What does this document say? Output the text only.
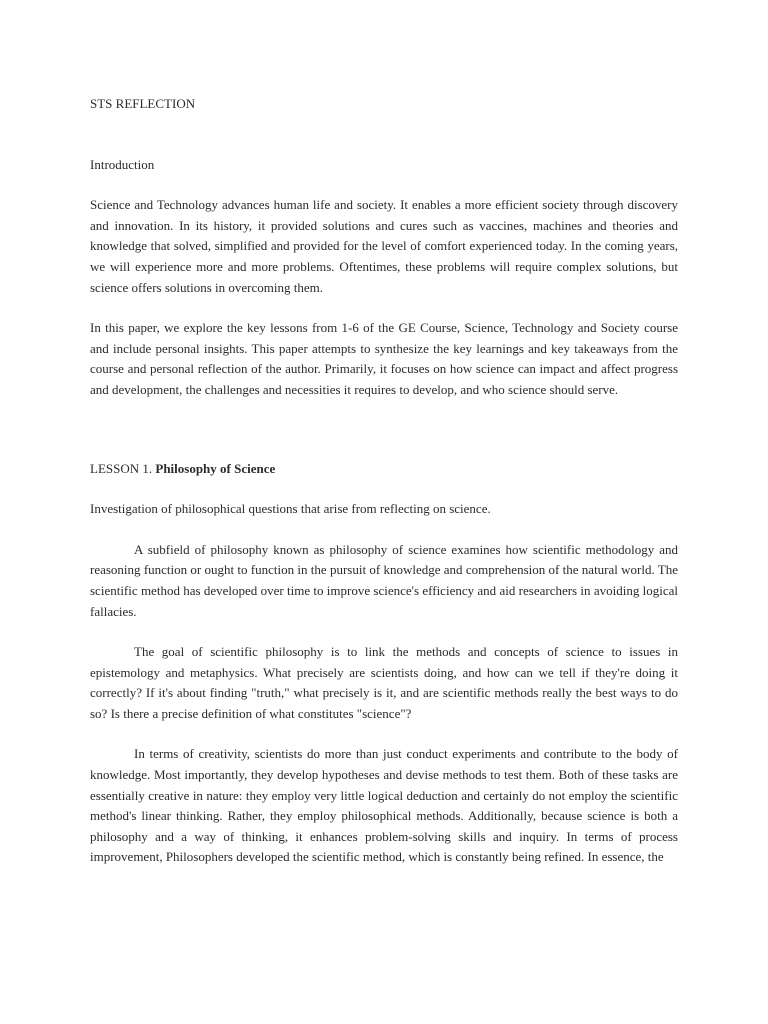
STS REFLECTION

Introduction

Science and Technology advances human life and society. It enables a more efficient society through discovery and innovation. In its history, it provided solutions and cures such as vaccines, machines and theories and knowledge that solved, simplified and provided for the level of comfort experienced today. In the coming years, we will experience more and more problems. Oftentimes, these problems will require complex solutions, but science offers solutions in overcoming them.

In this paper, we explore the key lessons from 1-6 of the GE Course, Science, Technology and Society course and include personal insights. This paper attempts to synthesize the key learnings and key takeaways from the course and personal reflection of the author. Primarily, it focuses on how science can impact and affect progress and development, the challenges and necessities it requires to develop, and who science should serve.

LESSON 1. Philosophy of Science

Investigation of philosophical questions that arise from reflecting on science.

A subfield of philosophy known as philosophy of science examines how scientific methodology and reasoning function or ought to function in the pursuit of knowledge and comprehension of the natural world. The scientific method has developed over time to improve science's efficiency and aid researchers in avoiding logical fallacies.

The goal of scientific philosophy is to link the methods and concepts of science to issues in epistemology and metaphysics. What precisely are scientists doing, and how can we tell if they're doing it correctly? If it's about finding "truth," what precisely is it, and are scientific methods really the best ways to do so? Is there a precise definition of what constitutes "science"?

In terms of creativity, scientists do more than just conduct experiments and contribute to the body of knowledge. Most importantly, they develop hypotheses and devise methods to test them. Both of these tasks are essentially creative in nature: they employ very little logical deduction and certainly do not employ the scientific method's linear thinking. Rather, they employ philosophical methods. Additionally, because science is both a philosophy and a way of thinking, it enhances problem-solving skills and inquiry. In terms of process improvement, Philosophers developed the scientific method, which is constantly being refined. In essence, the
